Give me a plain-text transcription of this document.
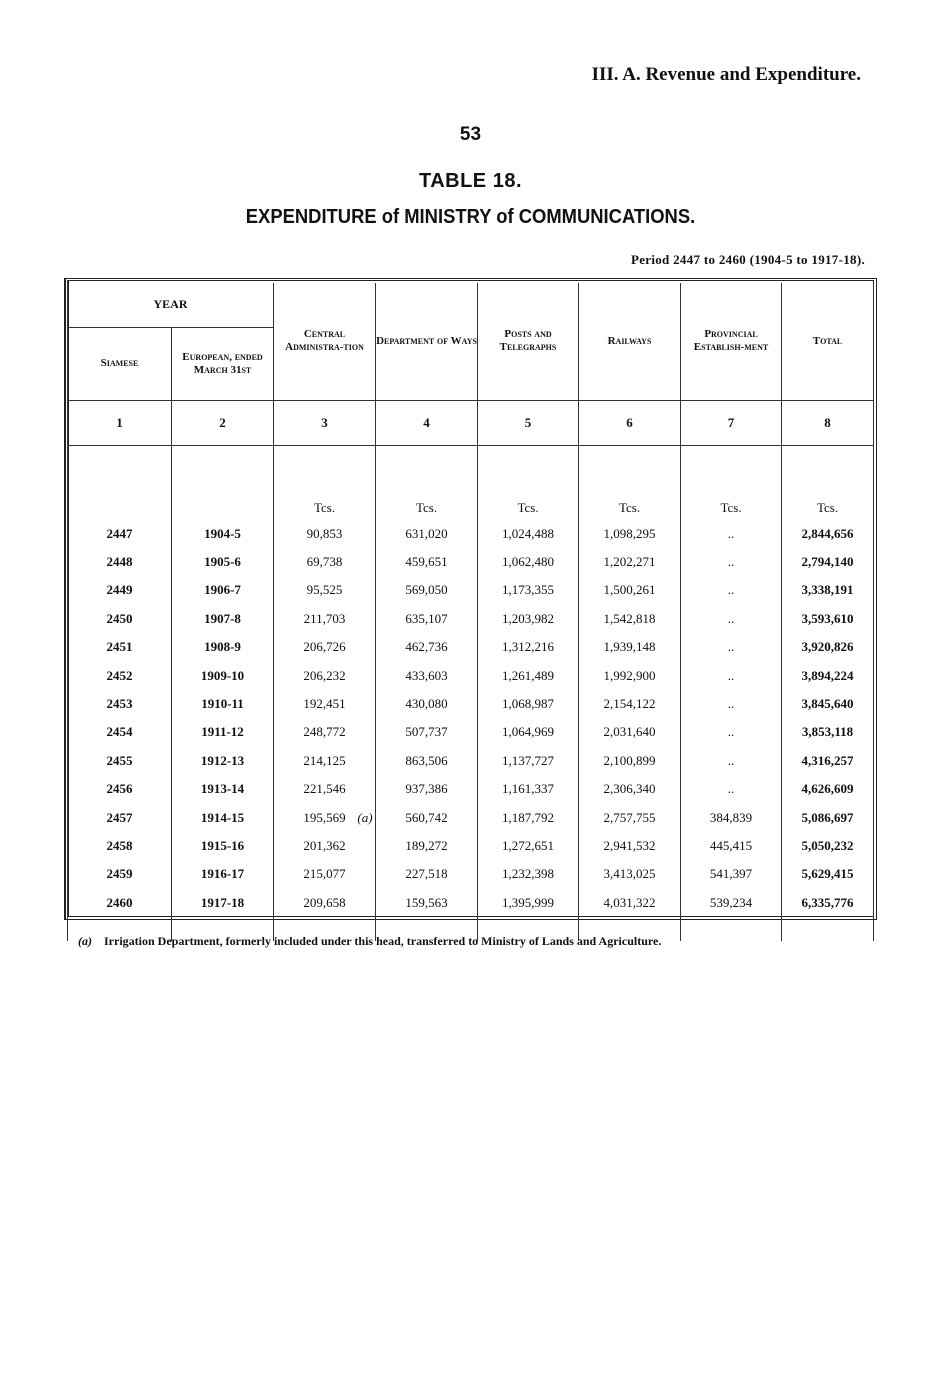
III. A. Revenue and Expenditure.
53
TABLE 18.
EXPENDITURE of MINISTRY of COMMUNICATIONS.
Period 2447 to 2460 (1904-5 to 1917-18).
YEAR		Central Administra-tion	Department of Ways	Posts and Telegraphs	Railways	Provincial Establish-ment	Total
Siamese	European, ended March 31st						
1	2	3	4	5	6	7	8
		Tcs.	Tcs.	Tcs.	Tcs.	Tcs.	Tcs.
2447	1904-5	90,853	631,020	1,024,488	1,098,295	..	2,844,656
2448	1905-6	69,738	459,651	1,062,480	1,202,271	..	2,794,140
2449	1906-7	95,525	569,050	1,173,355	1,500,261	..	3,338,191
2450	1907-8	211,703	635,107	1,203,982	1,542,818	..	3,593,610
2451	1908-9	206,726	462,736	1,312,216	1,939,148	..	3,920,826
2452	1909-10	206,232	433,603	1,261,489	1,992,900	..	3,894,224
2453	1910-11	192,451	430,080	1,068,987	2,154,122	..	3,845,640
2454	1911-12	248,772	507,737	1,064,969	2,031,640	..	3,853,118
2455	1912-13	214,125	863,506	1,137,727	2,100,899	..	4,316,257
2456	1913-14	221,546	937,386	1,161,337	2,306,340	..	4,626,609
2457	1914-15	195,569	(a) 560,742	1,187,792	2,757,755	384,839	5,086,697
2458	1915-16	201,362	189,272	1,272,651	2,941,532	445,415	5,050,232
2459	1916-17	215,077	227,518	1,232,398	3,413,025	541,397	5,629,415
2460	1917-18	209,658	159,563	1,395,999	4,031,322	539,234	6,335,776

(a) Irrigation Department, formerly included under this head, transferred to Ministry of Lands and Agriculture.
